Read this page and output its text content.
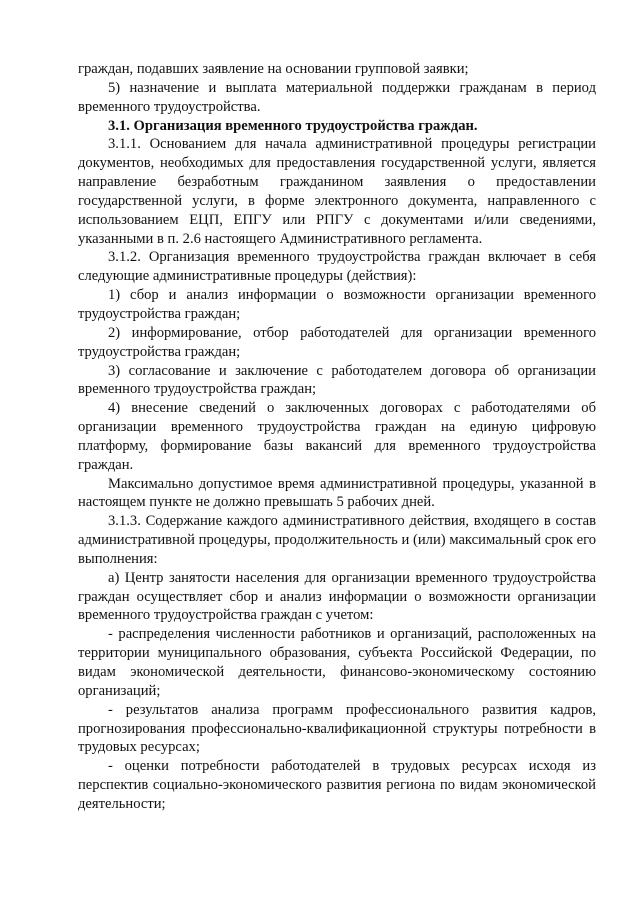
граждан, подавших заявление на основании групповой заявки;

5) назначение и выплата материальной поддержки гражданам в период временного трудоустройства.

3.1. Организация временного трудоустройства граждан.

3.1.1. Основанием для начала административной процедуры регистрации документов, необходимых для предоставления государственной услуги, является направление безработным гражданином заявления о предоставлении государственной услуги, в форме электронного документа, направленного с использованием ЕЦП, ЕПГУ или РПГУ с документами и/или сведениями, указанными в п. 2.6 настоящего Административного регламента.

3.1.2. Организация временного трудоустройства граждан включает в себя следующие административные процедуры (действия):

1) сбор и анализ информации о возможности организации временного трудоустройства граждан;

2) информирование, отбор работодателей для организации временного трудоустройства граждан;

3) согласование и заключение с работодателем договора об организации временного трудоустройства граждан;

4) внесение сведений о заключенных договорах с работодателями об организации временного трудоустройства граждан на единую цифровую платформу, формирование базы вакансий для временного трудоустройства граждан.

Максимально допустимое время административной процедуры, указанной в настоящем пункте не должно превышать 5 рабочих дней.

3.1.3. Содержание каждого административного действия, входящего в состав административной процедуры, продолжительность и (или) максимальный срок его выполнения:

а) Центр занятости населения для организации временного трудоустройства граждан осуществляет сбор и анализ информации о возможности организации временного трудоустройства граждан с учетом:

- распределения численности работников и организаций, расположенных на территории муниципального образования, субъекта Российской Федерации, по видам экономической деятельности, финансово-экономическому состоянию организаций;

- результатов анализа программ профессионального развития кадров, прогнозирования профессионально-квалификационной структуры потребности в трудовых ресурсах;

- оценки потребности работодателей в трудовых ресурсах исходя из перспектив социально-экономического развития региона по видам экономической деятельности;
